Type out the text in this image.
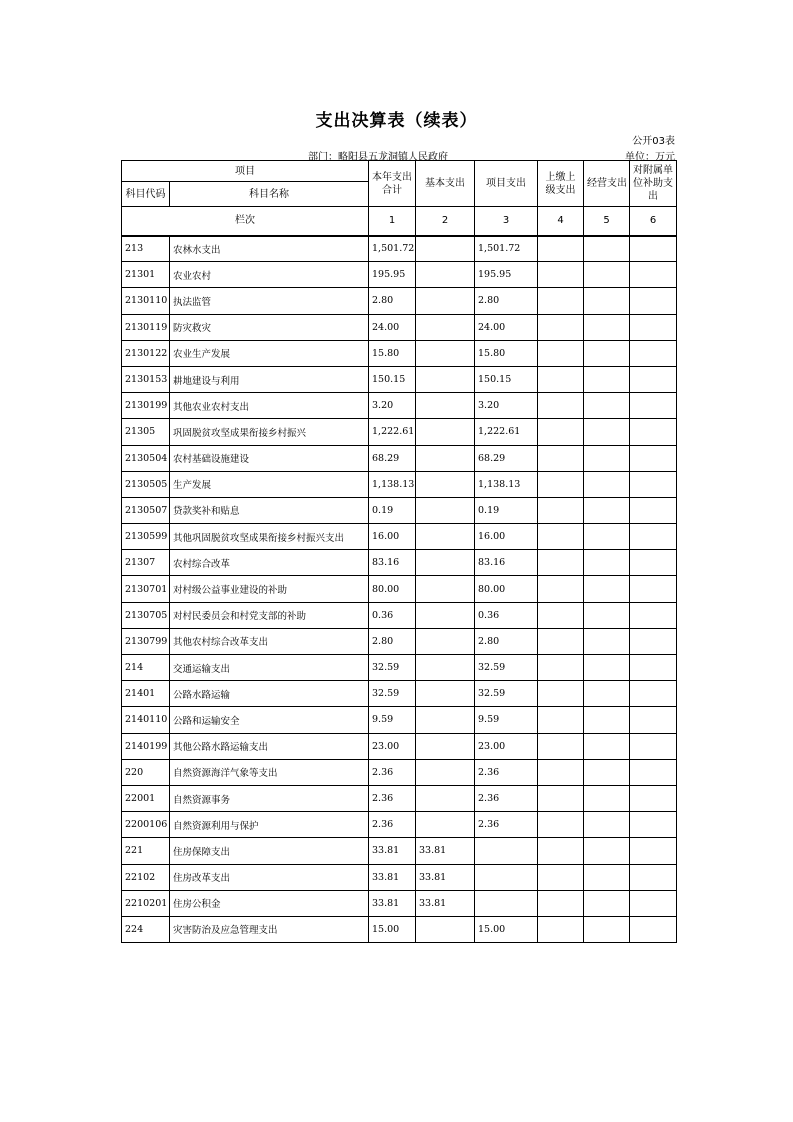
支出决算表（续表）
公开03表
部门：略阳县五龙洞镇人民政府	单位：万元
项目		本年支出合计	基本支出	项目支出	上缴上级支出	经营支出	对附属单位补助支出

科目代码	科目名称						
栏次		1	2	3	4	5	6
213	农林水支出	1,501.72		1,501.72			
21301	农业农村	195.95		195.95			
2130110	执法监管	2.80		2.80			
2130119	防灾救灾	24.00		24.00			
2130122	农业生产发展	15.80		15.80			
2130153	耕地建设与利用	150.15		150.15			
2130199	其他农业农村支出	3.20		3.20			
21305	巩固脱贫攻坚成果衔接乡村振兴	1,222.61		1,222.61			
2130504	农村基础设施建设	68.29		68.29			
2130505	生产发展	1,138.13		1,138.13			
2130507	贷款奖补和贴息	0.19		0.19			
2130599	其他巩固脱贫攻坚成果衔接乡村振兴支出	16.00		16.00			
21307	农村综合改革	83.16		83.16			
2130701	对村级公益事业建设的补助	80.00		80.00			
2130705	对村民委员会和村党支部的补助	0.36		0.36			
2130799	其他农村综合改革支出	2.80		2.80			
214	交通运输支出	32.59		32.59			
21401	公路水路运输	32.59		32.59			
2140110	公路和运输安全	9.59		9.59			
2140199	其他公路水路运输支出	23.00		23.00			
220	自然资源海洋气象等支出	2.36		2.36			
22001	自然资源事务	2.36		2.36			
2200106	自然资源利用与保护	2.36		2.36			
221	住房保障支出	33.81	33.81				
22102	住房改革支出	33.81	33.81				
2210201	住房公积金	33.81	33.81				
224	灾害防治及应急管理支出	15.00		15.00			
